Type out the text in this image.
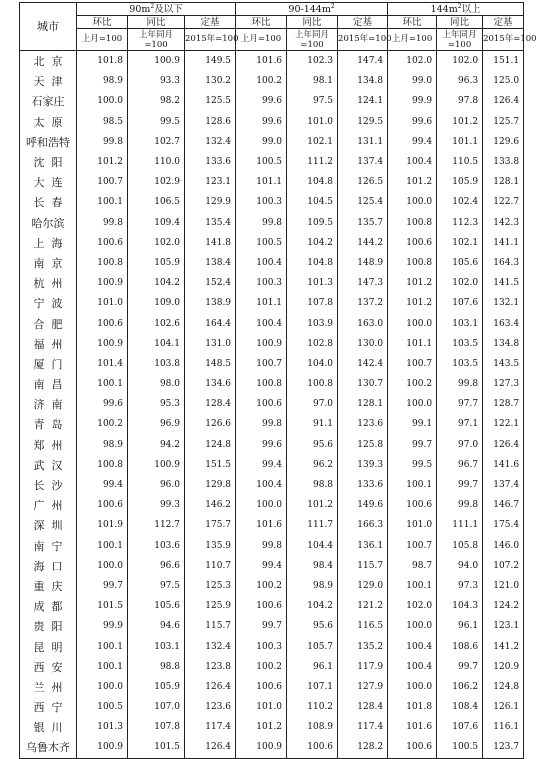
城市	$90m^2$及以下			$90-144m^2$			$144m^2$以上		
	环比	同比	定基	环比	同比	定基	环比	同比	定基
	上月=100	上年同月=100	2015年=100	上月=100	上年同月=100	2015年=100	上月=100	上年同月=100	2015年=100
北京	101.8	100.9	149.5	101.6	102.3	147.4	102.0	102.0	151.1
天津	98.9	93.3	130.2	100.2	98.1	134.8	99.0	96.3	125.0
石家庄	100.0	98.2	125.5	99.6	97.5	124.1	99.9	97.8	126.4
太原	98.5	99.5	128.6	99.6	101.0	129.5	99.6	101.2	125.7
呼和浩特	99.8	102.7	132.4	99.0	102.1	131.1	99.4	101.1	129.6
沈阳	101.2	110.0	133.6	100.5	111.2	137.4	100.4	110.5	133.8
大连	100.7	102.9	123.1	101.1	104.8	126.5	101.2	105.9	128.1
长春	100.1	106.5	129.9	100.3	104.5	125.4	100.0	102.4	122.7
哈尔滨	99.8	109.4	135.4	99.8	109.5	135.7	100.8	112.3	142.3
上海	100.6	102.0	141.8	100.5	104.2	144.2	100.6	102.1	141.1
南京	100.8	105.9	138.4	100.4	104.8	148.9	100.8	105.6	164.3
杭州	100.9	104.2	152.4	100.3	101.3	147.3	101.2	102.0	141.5
宁波	101.0	109.0	138.9	101.1	107.8	137.2	101.2	107.6	132.1
合肥	100.6	102.6	164.4	100.4	103.9	163.0	100.0	103.1	163.4
福州	100.9	104.1	131.0	100.9	102.8	130.0	101.1	103.5	134.8
厦门	101.4	103.8	148.5	100.7	104.0	142.4	100.7	103.5	143.5
南昌	100.1	98.0	134.6	100.8	100.8	130.7	100.2	99.8	127.3
济南	99.6	95.3	128.4	100.6	97.0	128.1	100.0	97.7	128.7
青岛	100.2	96.9	126.6	99.8	91.1	123.6	99.1	97.1	122.1
郑州	98.9	94.2	124.8	99.6	95.6	125.8	99.7	97.0	126.4
武汉	100.8	100.9	151.5	99.4	96.2	139.3	99.5	96.7	141.6
长沙	99.4	96.0	129.8	100.4	98.8	133.6	100.1	99.7	137.4
广州	100.6	99.3	146.2	100.0	101.2	149.6	100.6	99.8	146.7
深圳	101.9	112.7	175.7	101.6	111.7	166.3	101.0	111.1	175.4
南宁	100.1	103.6	135.9	99.8	104.4	136.1	100.7	105.8	146.0
海口	100.0	96.6	110.7	99.4	98.4	115.7	98.7	94.0	107.2
重庆	99.7	97.5	125.3	100.2	98.9	129.0	100.1	97.3	121.0
成都	101.5	105.6	125.9	100.6	104.2	121.2	102.0	104.3	124.2
贵阳	99.9	94.6	115.7	99.7	95.6	116.5	100.0	96.1	123.1
昆明	100.1	103.1	132.4	100.3	105.7	135.2	100.4	108.6	141.2
西安	100.1	98.8	123.8	100.2	96.1	117.9	100.4	99.7	120.9
兰州	100.0	105.9	126.4	100.6	107.1	127.9	100.0	106.2	124.8
西宁	100.5	107.0	123.6	101.0	110.2	128.4	101.8	108.4	126.1
银川	101.3	107.8	117.4	101.2	108.9	117.4	101.6	107.6	116.1
乌鲁木齐	100.9	101.5	126.4	100.9	100.6	128.2	100.6	100.5	123.7
